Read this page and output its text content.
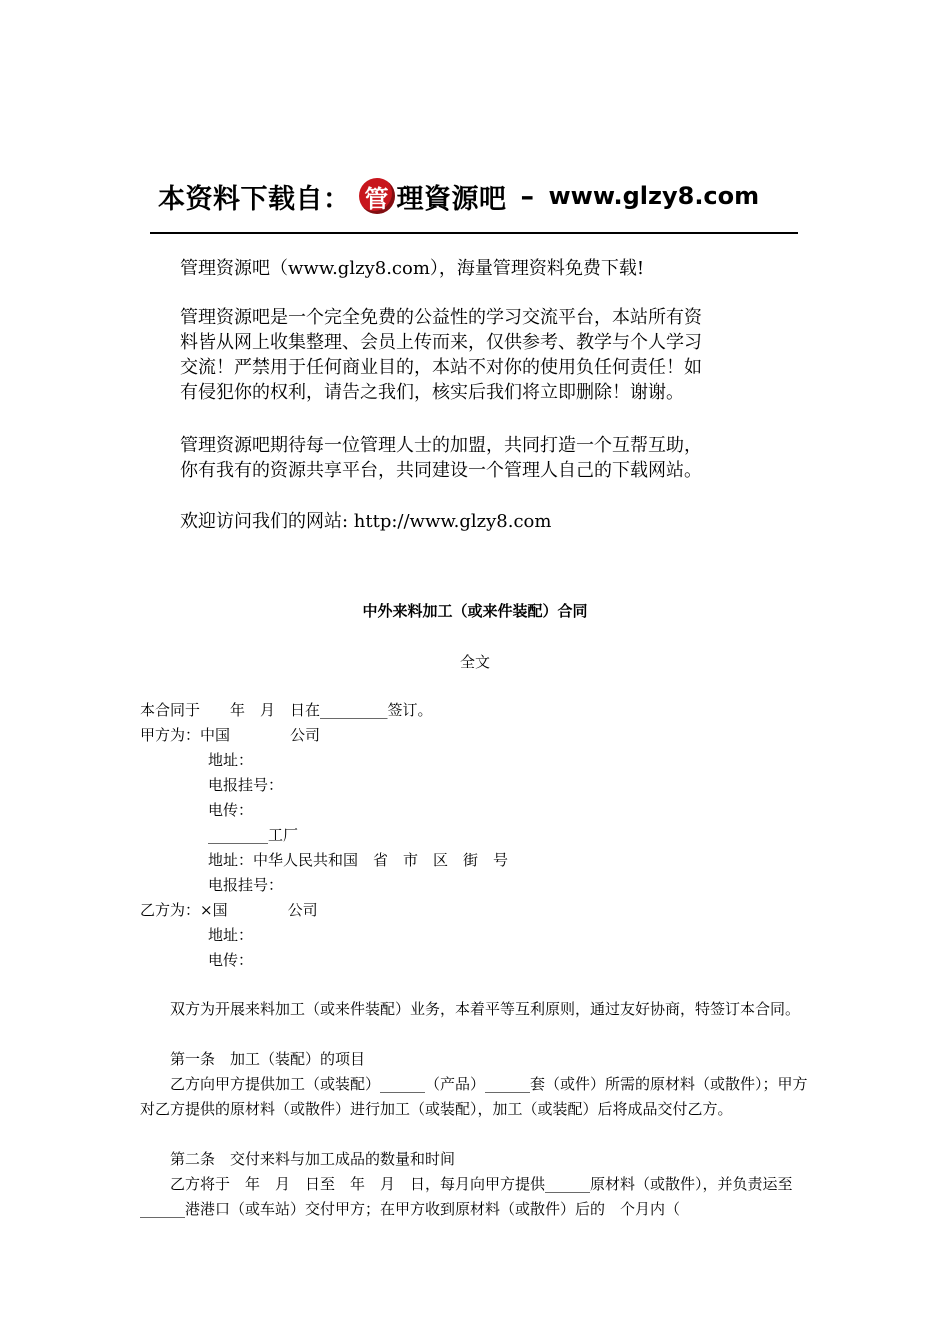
本资料下载自： 管 理資源吧 – www.glzy8.com

管理资源吧（www.glzy8.com），海量管理资料免费下载!

管理资源吧是一个完全免费的公益性的学习交流平台，本站所有资

料皆从网上收集整理、会员上传而来，仅供参考、教学与个人学习

交流！严禁用于任何商业目的，本站不对你的使用负任何责任！如

有侵犯你的权利，请告之我们，核实后我们将立即删除！谢谢。

管理资源吧期待每一位管理人士的加盟，共同打造一个互帮互助，

你有我有的资源共享平台，共同建设一个管理人自己的下载网站。

欢迎访问我们的网站: http://www.glzy8.com

中外来料加工（或来件装配）合同
全文
本合同于　　年　月　日在_________签订。
甲方为：中国　　　　公司
地址：
电报挂号：
电传：
________工厂
地址：中华人民共和国　省　市　区　街　号
电报挂号：
乙方为：×国　　　　公司
地址：
电传：
　　双方为开展来料加工（或来件装配）业务，本着平等互利原则，通过友好协商，特签订本合同。
　　第一条　加工（装配）的项目
　　乙方向甲方提供加工（或装配）______（产品）______套（或件）所需的原材料（或散件）；甲方对乙方提供的原材料（或散件）进行加工（或装配），加工（或装配）后将成品交付乙方。
　　第二条　交付来料与加工成品的数量和时间
　　乙方将于　年　月　日至　年　月　日，每月向甲方提供______原材料（或散件），并负责运至______港港口（或车站）交付甲方；在甲方收到原材料（或散件）后的　个月内（
